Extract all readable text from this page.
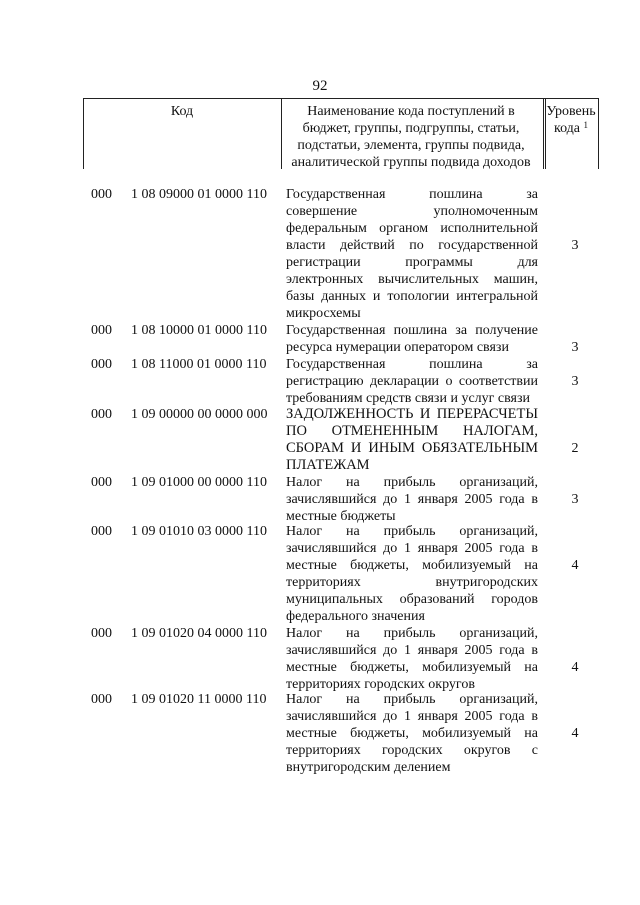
92
Код	Наименование кода поступлений в
бюджет, группы, подгруппы, статьи,
подстатьи, элемента, группы подвида,
аналитической группы подвида доходов
Уровень
кода $^1$
000	1 08 09000 01 0000 110	Государственная пошлина за
совершение уполномоченным
федеральным органом исполнительной
власти действий по государственной
регистрации программы для
электронных вычислительных машин,
базы данных и топологии интегральной
микросхемы
3
000	1 08 10000 01 0000 110	Государственная пошлина за получение
ресурса нумерации оператором связи	3
000	1 08 11000 01 0000 110	Государственная пошлина за
регистрацию декларации о соответствии
требованиям средств связи и услуг связи
3
000	1 09 00000 00 0000 000	ЗАДОЛЖЕННОСТЬ И ПЕРЕРАСЧЕТЫ
ПО ОТМЕНЕННЫМ НАЛОГАМ,
СБОРАМ И ИНЫМ ОБЯЗАТЕЛЬНЫМ
ПЛАТЕЖАМ
2
000	1 09 01000 00 0000 110	Налог на прибыль организаций,
зачислявшийся до 1 января 2005 года в
местные бюджеты
3
000	1 09 01010 03 0000 110	Налог на прибыль организаций,
зачислявшийся до 1 января 2005 года в
местные бюджеты, мобилизуемый на
территориях внутригородских
муниципальных образований городов
федерального значения
4
000	1 09 01020 04 0000 110	Налог на прибыль организаций,
зачислявшийся до 1 января 2005 года в
местные бюджеты, мобилизуемый на
территориях городских округов
4
000	1 09 01020 11 0000 110	Налог на прибыль организаций,
зачислявшийся до 1 января 2005 года в
местные бюджеты, мобилизуемый на
территориях городских округов с
внутригородским делением
4
